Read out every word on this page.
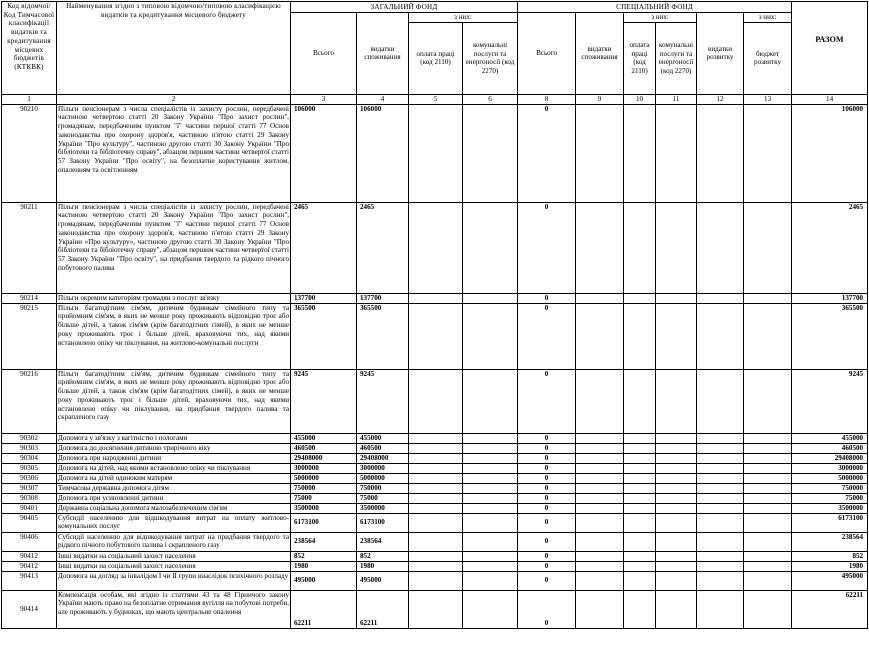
Код відомчої/Код Тимчасової класифікації видатків та кредитування місцевих бюджетів (КТКВК)	Найменування згідно з типовою відомчою/типовою класифікацією видатків та кредитування місцевого бюджету	ЗАГАЛЬНИЙ ФОНД				СПЕЦІАЛЬНИЙ ФОНД						РАЗОМ
		Всього	видатки споживання	з них:		Всього	видатки споживання	з них:		видатки розвитку	з них:	
				оплата праці (код 2110)	комунальні послуги та енергоносії (код 2270)			оплата праці (код 2110)	комунальні послуги та енергоносії (код 2270)		бюджет розвитку	
1	2	3	4	5	6	8	9	10	11	12	13	14
90210	Пільги пенсіонерам з числа спеціалістів із захисту рослин, передбачені частиною четвертою статті 20 Закону України "Про захист рослин", громадянам, передбаченим пунктом "ї" частини першої статті 77 Основ законодавства про охорону здоров'я, частиною п'ятою статті 29 Закону України "Про культуру", частиною другою статті 30 Закону України "Про бібліотеки та бібліотечну справу", абзацом першим частини четвертої статті 57 Закону України "Про освіту", на безоплатне користування житлом, опаленням та освітленням	106000	106000			0						106000
90211	Пільги пенсіонерам з числа спеціалістів із захисту рослин, передбачені частиною четвертою статті 20 Закону України "Про захист рослин", громадянам, передбаченим пунктом "ї" частини першої статті 77 Основ законодавства про охорону здоров'я, частиною п'ятою статті 29 Закону України «Про культуру», частиною другою статті 30 Закону України "Про бібліотеки та бібліотечну справу", абзацом першим частини четвертої статті 57 Закону України "Про освіту", на придбання твердого та рідкого пічного побутового палива	2465	2465			0						2465
90214	Пільги окремим категоріям громадян з послуг зв'язку	137700	137700			0						137700
90215	Пільги багатодітним сім'ям, дитячим будинкам сімейного типу та прийомним сім'ям, в яких не менше року проживають відповідно троє або більше дітей, а також сім'ям (крім багатодітних сімей), в яких не менше року проживають троє і більше дітей, враховуючи тих, над якими встановлено опіку чи піклування, на житлово-комунальні послуги	365500	365500			0						365500
90216	Пільги багатодітним сім'ям, дитячим будинкам сімейного типу та прийомним сім'ям, в яких не менше року проживають відповідно троє або більше дітей, а також сім'ям (крім багатодітних сімей), в яких не менше року проживають троє і більше дітей, враховуючи тих, над якими встановлено опіку чи піклування, на придбання твердого палива та скрапленого газу	9245	9245			0						9245
90302	Допомога у зв'язку з вагітністю і пологами	455000	455000			0						455000
90303	Допомога до досягнення дитиною трирічного віку	460500	460500			0						460500
90304	Допомога при народженні дитини	29408000	29408000			0						29408000
90305	Допомога на дітей, над якими встановлено опіку чи піклування	3000000	3000000			0						3000000
90306	Допомога на дітей одиноким матерям	5000000	5000000			0						5000000
90307	Тимчасова державна допомога дітям	750000	750000			0						750000
90308	Допомога при усиновленні дитини	75000	75000			0						75000
90401	Державна соціальна допомога малозабезпеченим сім'ям	3500000	3500000			0						3500000
90405	Субсидії населенню для відшкодування витрат на оплату житлово-комунальних послуг	6173100	6173100			0						6173100
90406	Субсидії населенню для відшкодування витрат на придбання твердого та рідкого пічного побутового палива і скрапленого газу	238564	238564			0						238564
90412	Інші видатки на соціальний захист населення	852	852			0						852
90412	Інші видатки на соціальний захист населення	1980	1980			0						1980
90413	Допомога на догляд за інвалідом I чи II групи внаслідок психічного розладу	495000	495000			0						495000
90414	Компенсація особам, які згідно із статтями 43 та 48 Гірничого закону України мають право на безоплатне отримання вугілля на побутові потреби, але проживають у будинках, що мають центральне опалення	62211	62211			0						62211
